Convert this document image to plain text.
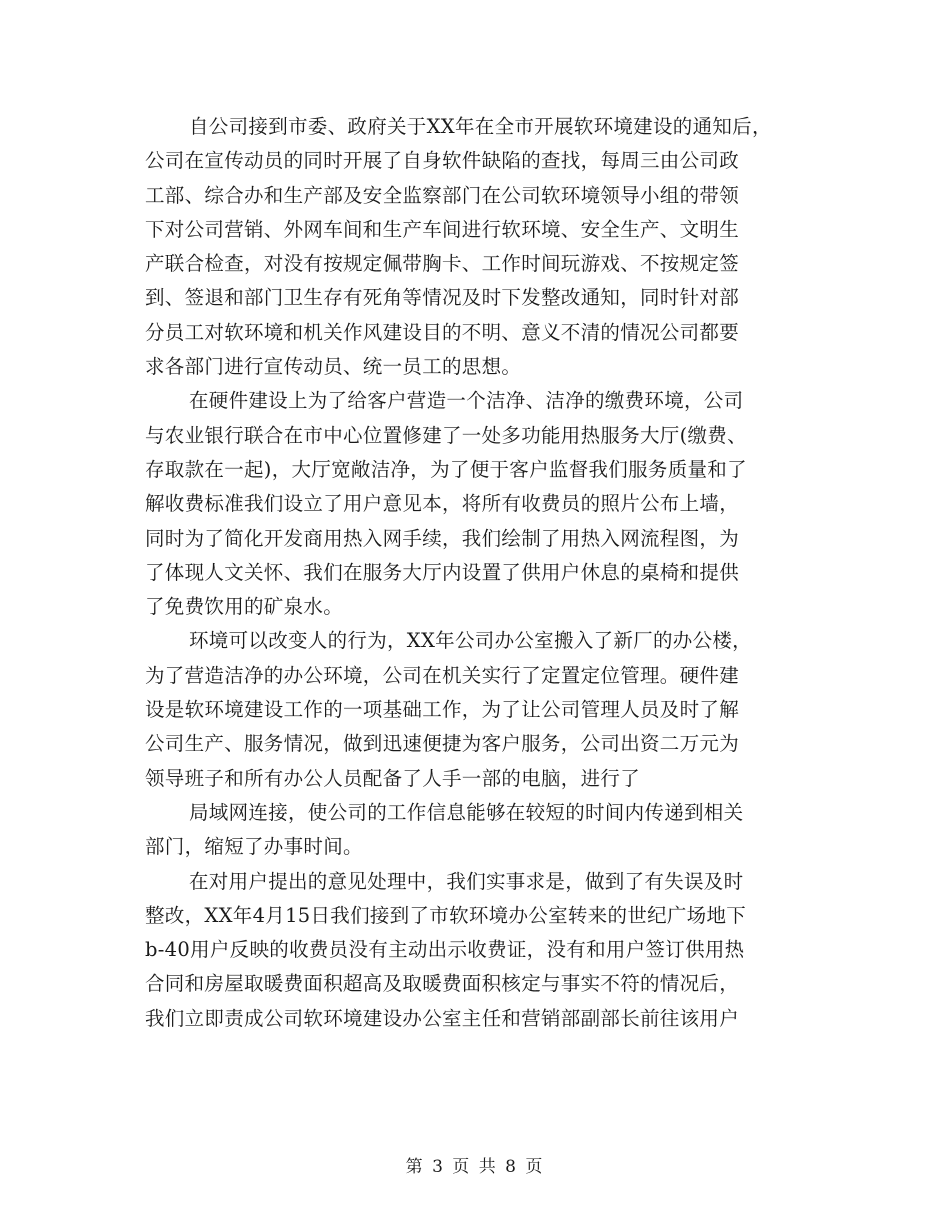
自公司接到市委、政府关于XX年在全市开展软环境建设的通知后，
公司在宣传动员的同时开展了自身软件缺陷的查找，每周三由公司政
工部、综合办和生产部及安全监察部门在公司软环境领导小组的带领
下对公司营销、外网车间和生产车间进行软环境、安全生产、文明生
产联合检查，对没有按规定佩带胸卡、工作时间玩游戏、不按规定签
到、签退和部门卫生存有死角等情况及时下发整改通知，同时针对部
分员工对软环境和机关作风建设目的不明、意义不清的情况公司都要
求各部门进行宣传动员、统一员工的思想。
在硬件建设上为了给客户营造一个洁净、洁净的缴费环境，公司
与农业银行联合在市中心位置修建了一处多功能用热服务大厅(缴费、
存取款在一起)，大厅宽敞洁净，为了便于客户监督我们服务质量和了
解收费标准我们设立了用户意见本，将所有收费员的照片公布上墙，
同时为了简化开发商用热入网手续，我们绘制了用热入网流程图，为
了体现人文关怀、我们在服务大厅内设置了供用户休息的桌椅和提供
了免费饮用的矿泉水。
环境可以改变人的行为，XX年公司办公室搬入了新厂的办公楼，
为了营造洁净的办公环境，公司在机关实行了定置定位管理。硬件建
设是软环境建设工作的一项基础工作，为了让公司管理人员及时了解
公司生产、服务情况，做到迅速便捷为客户服务，公司出资二万元为
领导班子和所有办公人员配备了人手一部的电脑，进行了
局域网连接，使公司的工作信息能够在较短的时间内传递到相关
部门，缩短了办事时间。
在对用户提出的意见处理中，我们实事求是，做到了有失误及时
整改，XX年4月15日我们接到了市软环境办公室转来的世纪广场地下
b-40用户反映的收费员没有主动出示收费证，没有和用户签订供用热
合同和房屋取暖费面积超高及取暖费面积核定与事实不符的情况后，
我们立即责成公司软环境建设办公室主任和营销部副部长前往该用户
第 3 页 共 8 页
